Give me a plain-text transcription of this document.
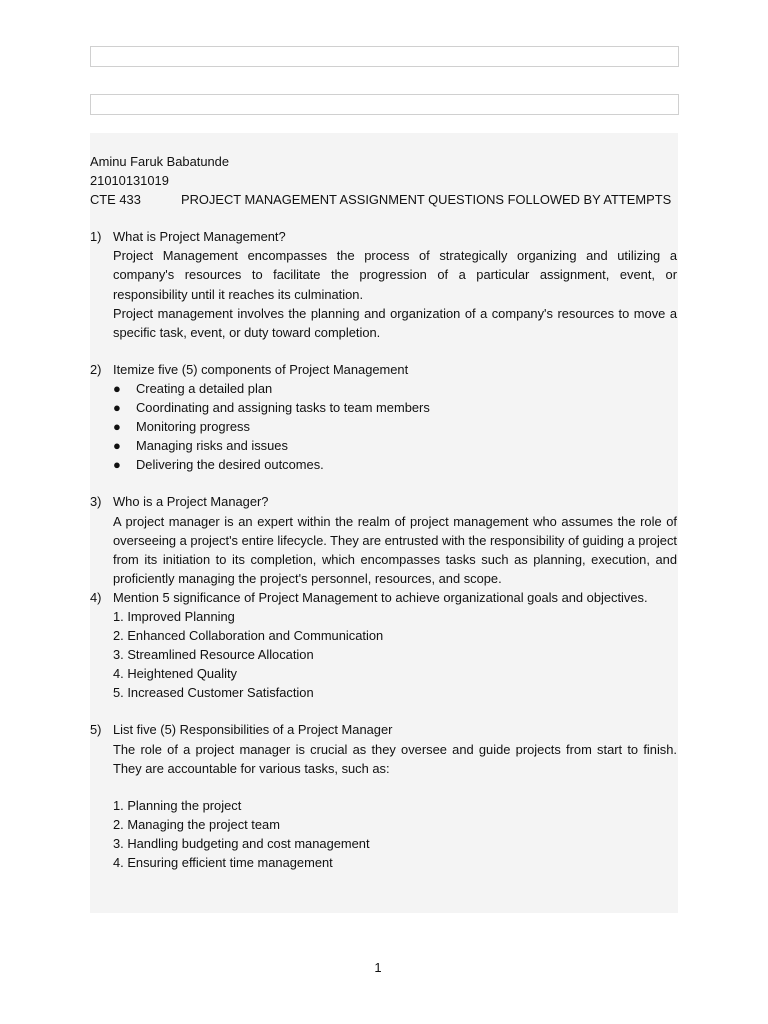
Aminu Faruk Babatunde
21010131019
CTE 433	PROJECT MANAGEMENT ASSIGNMENT QUESTIONS FOLLOWED BY ATTEMPTS
1) What is Project Management?
Project Management encompasses the process of strategically organizing and utilizing a company's resources to facilitate the progression of a particular assignment, event, or responsibility until it reaches its culmination.
Project management involves the planning and organization of a company's resources to move a specific task, event, or duty toward completion.
2) Itemize five (5) components of Project Management
●	Creating a detailed plan
●	Coordinating and assigning tasks to team members
●	Monitoring progress
●	Managing risks and issues
●	Delivering the desired outcomes.
3) Who is a Project Manager?
A project manager is an expert within the realm of project management who assumes the role of overseeing a project's entire lifecycle. They are entrusted with the responsibility of guiding a project from its initiation to its completion, which encompasses tasks such as planning, execution, and proficiently managing the project's personnel, resources, and scope.
4) Mention 5 significance of Project Management to achieve organizational goals and objectives.
1. Improved Planning
2. Enhanced Collaboration and Communication
3. Streamlined Resource Allocation
4. Heightened Quality
5. Increased Customer Satisfaction
5) List five (5) Responsibilities of a Project Manager
The role of a project manager is crucial as they oversee and guide projects from start to finish. They are accountable for various tasks, such as:
1. Planning the project
2. Managing the project team
3. Handling budgeting and cost management
4. Ensuring efficient time management
1
